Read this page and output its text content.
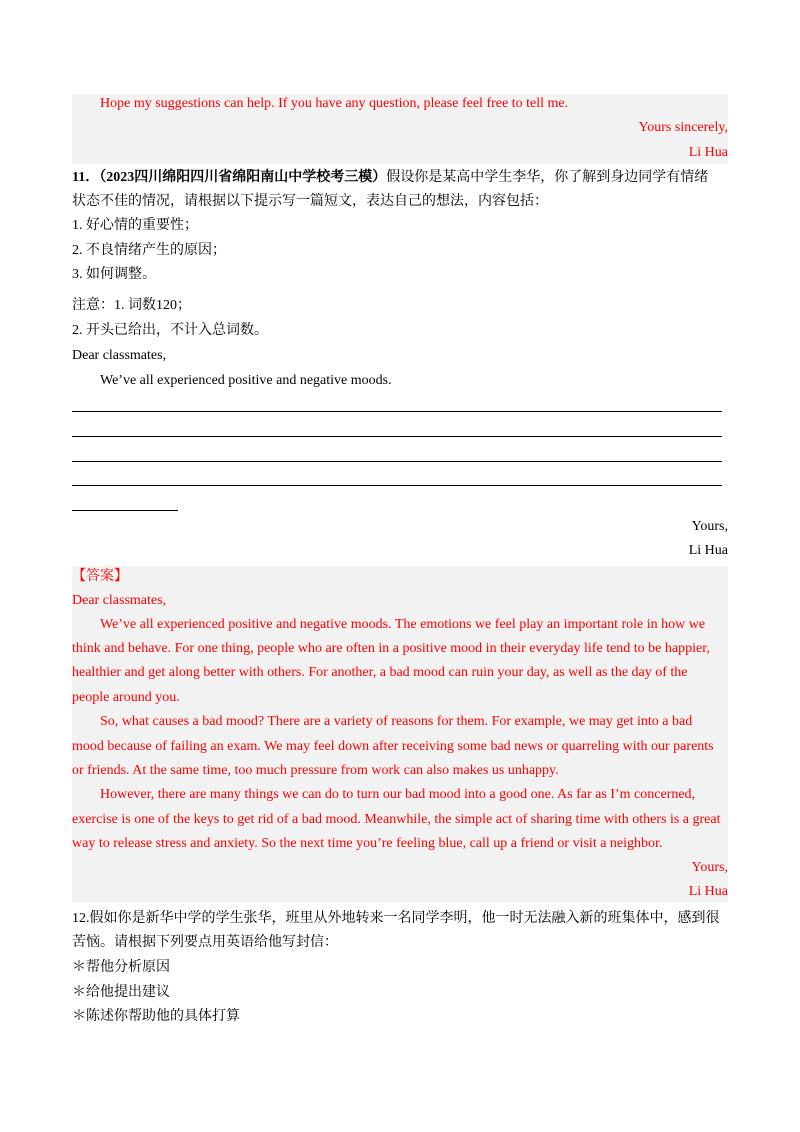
Hope my suggestions can help. If you have any question, please feel free to tell me.
Yours sincerely,
Li Hua
11．（2023四川绵阳四川省绵阳南山中学校考三模）假设你是某高中学生李华，你了解到身边同学有情绪
状态不佳的情况，请根据以下提示写一篇短文，表达自己的想法，内容包括：
1. 好心情的重要性；
2. 不良情绪产生的原因；
3. 如何调整。
注意：1. 词数120；
2. 开头已给出，不计入总词数。
Dear classmates,
We’ve all experienced positive and negative moods.
Yours,
Li Hua
【答案】
Dear classmates,
We’ve all experienced positive and negative moods. The emotions we feel play an important role in how we
think and behave. For one thing, people who are often in a positive mood in their everyday life tend to be happier,
healthier and get along better with others. For another, a bad mood can ruin your day, as well as the day of the
people around you.
So, what causes a bad mood? There are a variety of reasons for them. For example, we may get into a bad
mood because of failing an exam. We may feel down after receiving some bad news or quarreling with our parents
or friends. At the same time, too much pressure from work can also makes us unhappy.
However, there are many things we can do to turn our bad mood into a good one. As far as I’m concerned,
exercise is one of the keys to get rid of a bad mood. Meanwhile, the simple act of sharing time with others is a great
way to release stress and anxiety. So the next time you’re feeling blue, call up a friend or visit a neighbor.
Yours,
Li Hua
12.假如你是新华中学的学生张华，班里从外地转来一名同学李明，他一时无法融入新的班集体中，感到很
苦恼。请根据下列要点用英语给他写封信：
＊帮他分析原因
＊给他提出建议
＊陈述你帮助他的具体打算
